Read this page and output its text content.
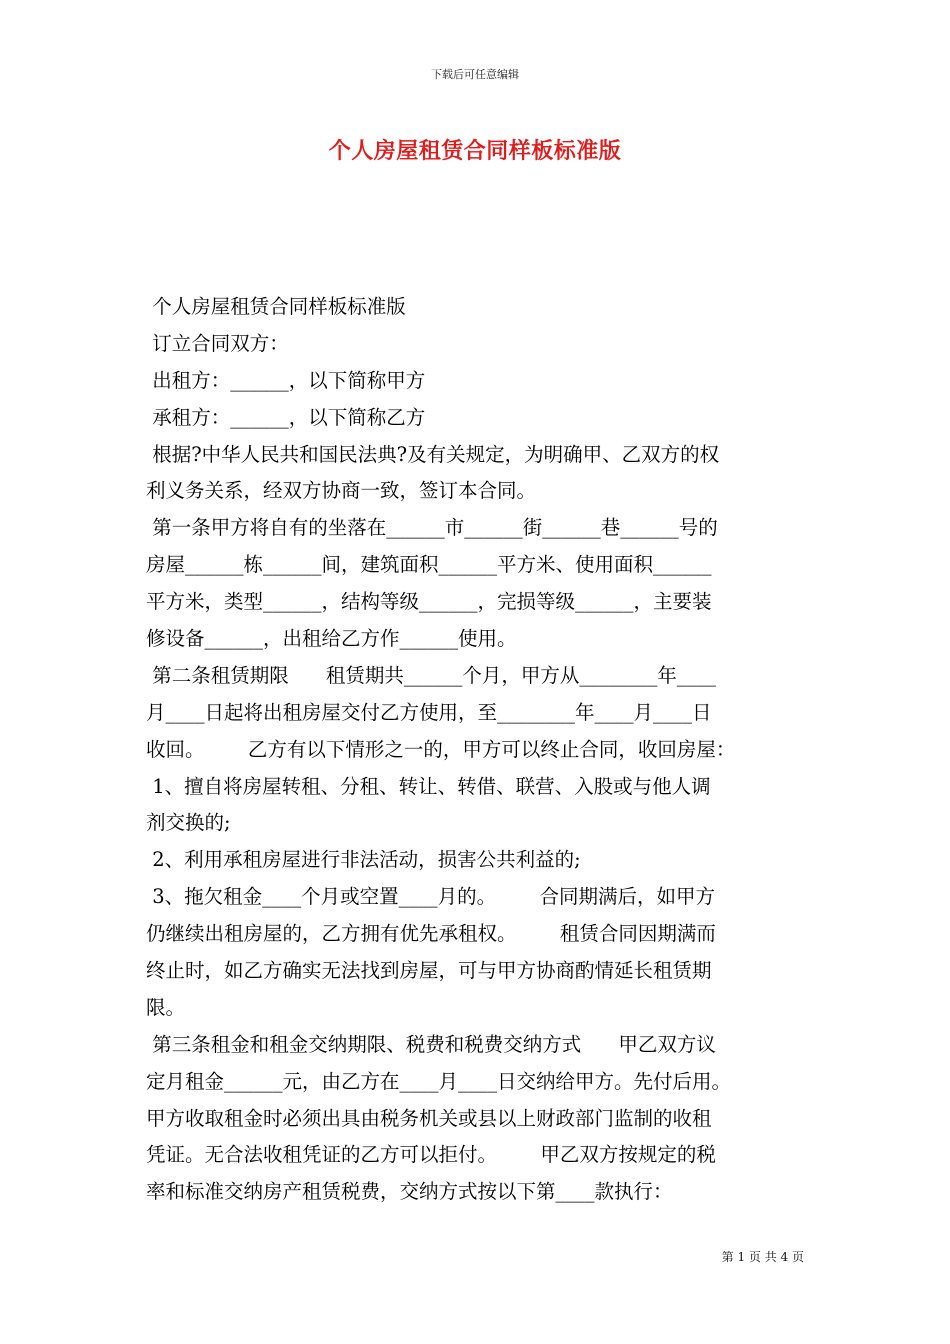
下载后可任意编辑
个人房屋租赁合同样板标准版
个人房屋租赁合同样板标准版
订立合同双方：
出租方：______，以下简称甲方
承租方：______，以下简称乙方
根据?中华人民共和国民法典?及有关规定，为明确甲、乙双方的权
利义务关系，经双方协商一致，签订本合同。
第一条甲方将自有的坐落在______市______街______巷______号的
房屋______栋______间，建筑面积______平方米、使用面积______
平方米，类型______，结构等级______，完损等级______，主要装
修设备______，出租给乙方作______使用。
第二条租赁期限      租赁期共______个月，甲方从________年____
月____日起将出租房屋交付乙方使用，至________年____月____日
收回。       乙方有以下情形之一的，甲方可以终止合同，收回房屋：
1、擅自将房屋转租、分租、转让、转借、联营、入股或与他人调
剂交换的;
2、利用承租房屋进行非法活动，损害公共利益的;
3、拖欠租金____个月或空置____月的。       合同期满后，如甲方
仍继续出租房屋的，乙方拥有优先承租权。       租赁合同因期满而
终止时，如乙方确实无法找到房屋，可与甲方协商酌情延长租赁期
限。
第三条租金和租金交纳期限、税费和税费交纳方式      甲乙双方议
定月租金______元，由乙方在____月____日交纳给甲方。先付后用。
甲方收取租金时必须出具由税务机关或县以上财政部门监制的收租
凭证。无合法收租凭证的乙方可以拒付。       甲乙双方按规定的税
率和标准交纳房产租赁税费，交纳方式按以下第____款执行：
第 1 页 共 4 页
